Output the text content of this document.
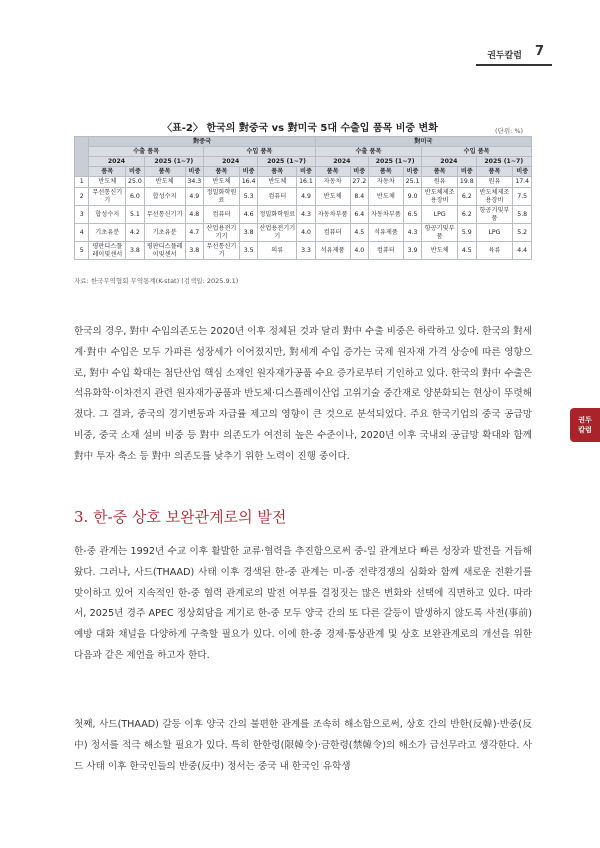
권두칼럼 7
권두
칼럼
〈표-2〉 한국의 對중국 vs 對미국 5대 수출입 품목 비중 변화	(단위: %)
	對중국								對미국							
	수출 품목				수입 품목				수출 품목				수입 품목			
	2024		2025 (1~7)		2024		2025 (1~7)		2024		2025 (1~7)		2024		2025 (1~7)	
	품목	비중	품목	비중	품목	비중	품목	비중	품목	비중	품목	비중	품목	비중	품목	비중
1	반도체	25.0	반도체	34.3	반도체	16.4	반도체	16.1	자동차	27.2	자동차	25.1	원유	19.8	원유	17.4
2	무선통신기기	6.0	합성수지	4.9	정밀화학원료	5.3	컴퓨터	4.9	반도체	8.4	반도체	9.0	반도체제조용장비	6.2	반도체제조용장비	7.5
3	합성수지	5.1	무선통신기기	4.8	컴퓨터	4.6	정밀화학원료	4.3	자동차부품	6.4	자동차부품	6.5	LPG	6.2	항공기및부품	5.8
4	기초유분	4.2	기초유분	4.7	산업용전기기기	3.8	산업용전기기기	4.0	컴퓨터	4.5	석유제품	4.3	항공기및부품	5.9	LPG	5.2
5	평판디스플레이및센서	3.8	평판디스플레이및센서	3.8	무선통신기기	3.5	의류	3.3	석유제품	4.0	컴퓨터	3.9	반도체	4.5	육류	4.4
자료: 한국무역협회 무역통계(K-stat) (검색일: 2025.9.1)

한국의 경우, 對中 수입의존도는 2020년 이후 정체된 것과 달리 對中 수출 비중은 하락하고 있다. 한국의 對세계·對中 수입은 모두 가파른 성장세가 이어졌지만, 對세계 수입 증가는 국제 원자재 가격 상승에 따른 영향으로, 對中 수입 확대는 첨단산업 핵심 소재인 원자재가공품 수요 증가로부터 기인하고 있다. 한국의 對中 수출은 석유화학·이차전지 관련 원자재가공품과 반도체·디스플레이산업 고위기술 중간재로 양분화되는 현상이 뚜렷해졌다. 그 결과, 중국의 경기변동과 자급률 제고의 영향이 큰 것으로 분석되었다. 주요 한국기업의 중국 공급망 비중, 중국 소재 설비 비중 등 對中 의존도가 여전히 높은 수준이나, 2020년 이후 국내외 공급망 확대와 함께 對中 투자 축소 등 對中 의존도를 낮추기 위한 노력이 진행 중이다.

3. 한-중 상호 보완관계로의 발전

한-중 관계는 1992년 수교 이후 활발한 교류·협력을 추진함으로써 중-일 관계보다 빠른 성장과 발전을 거듭해 왔다. 그러나, 사드(THAAD) 사태 이후 경색된 한-중 관계는 미-중 전략경쟁의 심화와 함께 새로운 전환기를 맞이하고 있어 지속적인 한-중 협력 관계로의 발전 여부를 결정짓는 많은 변화와 선택에 직면하고 있다. 따라서, 2025년 경주 APEC 정상회담을 계기로 한-중 모두 양국 간의 또 다른 갈등이 발생하지 않도록 사전(事前) 예방 대화 채널을 다양하게 구축할 필요가 있다. 이에 한-중 경제·통상관계 및 상호 보완관계로의 개선을 위한 다음과 같은 제언을 하고자 한다.

첫째, 사드(THAAD) 갈등 이후 양국 간의 불편한 관계를 조속히 해소함으로써, 상호 간의 반한(反韓)·반중(反中) 정서를 적극 해소할 필요가 있다. 특히 한한령(限韓令)·금한령(禁韓令)의 해소가 급선무라고 생각한다. 사드 사태 이후 한국인들의 반중(反中) 정서는 중국 내 한국인 유학생
